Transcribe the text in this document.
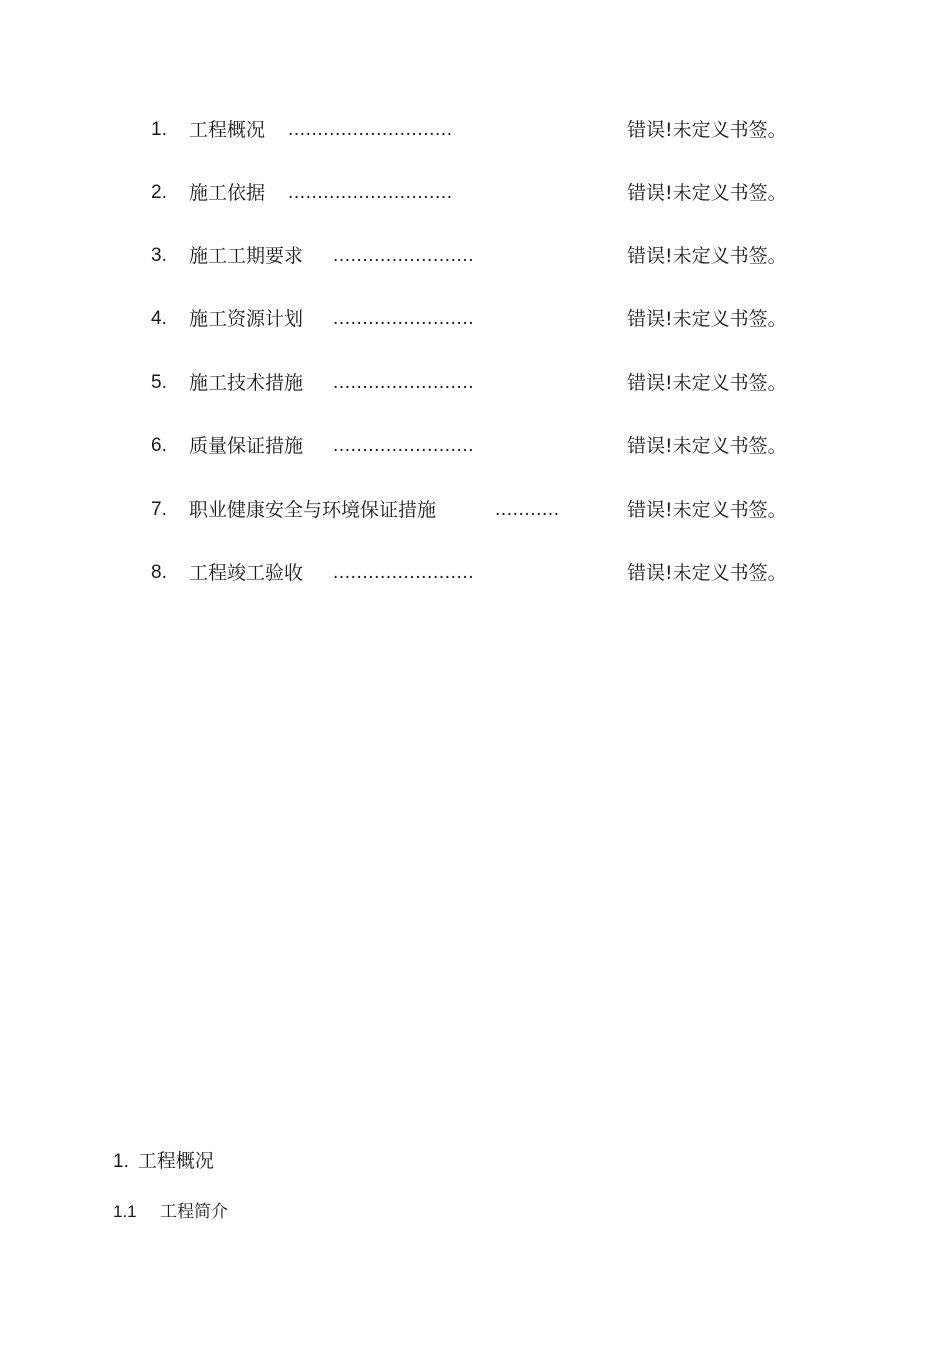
1. 工程概况 ............................	错误!未定义书签。
2. 施工依据 ............................	错误!未定义书签。
3. 施工工期要求 ........................	错误!未定义书签。
4. 施工资源计划 ........................	错误!未定义书签。
5. 施工技术措施 ........................	错误!未定义书签。
6. 质量保证措施 ........................	错误!未定义书签。
7. 职业健康安全与环境保证措施	...........	错误!未定义书签。
8. 工程竣工验收 ........................	错误!未定义书签。
1. 工程概况
1.1 工程简介
